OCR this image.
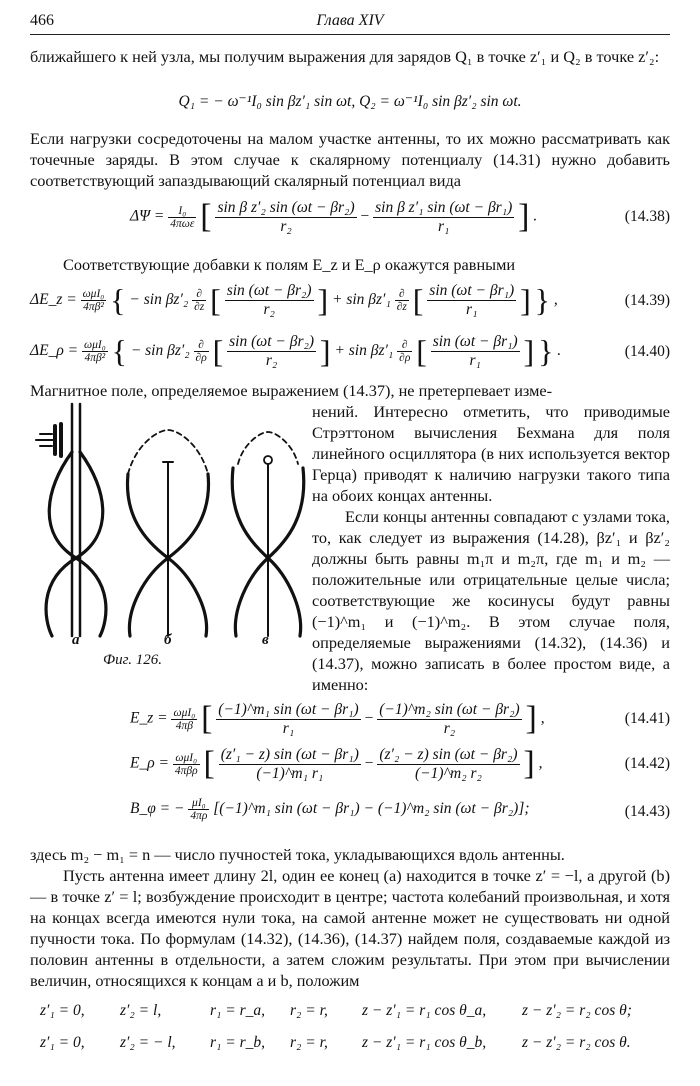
466	Глава XIV
ближайшего к ней узла, мы получим выражения для зарядов Q₁ в точке z′₁ и Q₂ в точке z′₂:
Q₁ = − ω⁻¹I₀ sin βz′₁ sin ωt, Q₂ = ω⁻¹I₀ sin βz′₂ sin ωt.
Если нагрузки сосредоточены на малом участке антенны, то их можно рассматривать как точечные заряды. В этом случае к скалярному потенциалу (14.31) нужно добавить соответствующий запаздывающий скалярный потенциал вида
$\Delta\Psi = \frac{\text{I₀}}{\text{4πωε}}$ [ $\frac{\text{sin β z′₂ sin (ωt − βr₂)}}{\text{r₂}} - \frac{\text{sin β z′₁ sin (ωt − βr₁)}}{\text{r₁}}$ ] .	(14.38)
Соответствующие добавки к полям E_z и E_ρ окажутся равными
ΔE_z = $\frac{\text{ωμI₀}}{\text{4πβ²}}$ { − $\sin \beta z'_2 \frac{\partial}{\partial z}$ [ $\frac{\text{sin (ωt − βr₂)}}{\text{r₂}}$ ] + $\sin \beta z'_1 \frac{\partial}{\partial z}$ [ $\frac{\text{sin (ωt − βr₁)}}{\text{r₁}}$ ] } ,	(14.39)
ΔE_ρ = $\frac{\text{ωμI₀}}{\text{4πβ²}}$ { − $\sin \beta z'_2 \frac{\partial}{\partial\rho}$ [ $\frac{\text{sin (ωt − βr₂)}}{\text{r₂}}$ ] + $\sin \beta z'_1 \frac{\partial}{\partial\rho}$ [ $\frac{\text{sin (ωt − βr₁)}}{\text{r₁}}$ ] } .	(14.40)
Магнитное поле, определяемое выражением (14.37), не претерпевает изме-
а	б	в
Фиг. 126.
нений. Интересно отметить, что приводимые Стрэттоном вычисления Бехмана для поля линейного осциллятора (в них используется вектор Герца) приводят к наличию нагрузки такого типа на обоих концах антенны.
Если концы антенны совпадают с узлами тока, то, как следует из выражения (14.28), βz′₁ и βz′₂ должны быть равны m₁π и m₂π, где m₁ и m₂ — положительные или отрицательные целые числа; соответствующие же косинусы будут равны (−1)^m₁ и (−1)^m₂. В этом случае поля, определяемые выражениями (14.32), (14.36) и (14.37), можно записать в более простом виде, а именно:
E_z = $\frac{\text{ωμI₀}}{4\pi\beta}$ [ $\frac{\text{(−1)\textasciicircum{}m₁ sin (ωt − βr₁)}}{\text{r₁}} - \frac{\text{(−1)\textasciicircum{}m₂ sin (ωt − βr₂)}}{\text{r₂}}$ ] ,	(14.41)
E_ρ = $\frac{\text{ωμI₀}}{\text{4πβρ}}$ [ $\frac{\text{(z′₁ − z) sin (ωt − βr₁)}}{\text{(−1)\textasciicircum{}m₁ r₁}} - \frac{\text{(z′₂ − z) sin (ωt − βr₂)}}{\text{(−1)\textasciicircum{}m₂ r₂}}$ ] ,	(14.42)
B_φ = − $\frac{\text{μI₀}}{4\pi\rho}$ [(−1)^m₁ sin (ωt − βr₁) − (−1)^m₂ sin (ωt − βr₂)];	(14.43)
здесь m₂ − m₁ = n — число пучностей тока, укладывающихся вдоль антенны.
Пусть антенна имеет длину 2l, один ее конец (a) находится в точке z′ = −l, а другой (b) — в точке z′ = l; возбуждение происходит в центре; частота колебаний произвольная, и хотя на концах всегда имеются нули тока, на самой антенне может не существовать ни одной пучности тока. По формулам (14.32), (14.36), (14.37) найдем поля, создаваемые каждой из половин антенны в отдельности, а затем сложим результаты. При этом при вычислении величин, относящихся к концам a и b, положим
z′₁ = 0, z′₂ = l,	r₁ = r_a, r₂ = r, z − z′₁ = r₁ cos θ_a, z − z′₂ = r₂ cos θ;
z′₁ = 0, z′₂ = − l, r₁ = r_b, r₂ = r, z − z′₁ = r₁ cos θ_b, z − z′₂ = r₂ cos θ.
